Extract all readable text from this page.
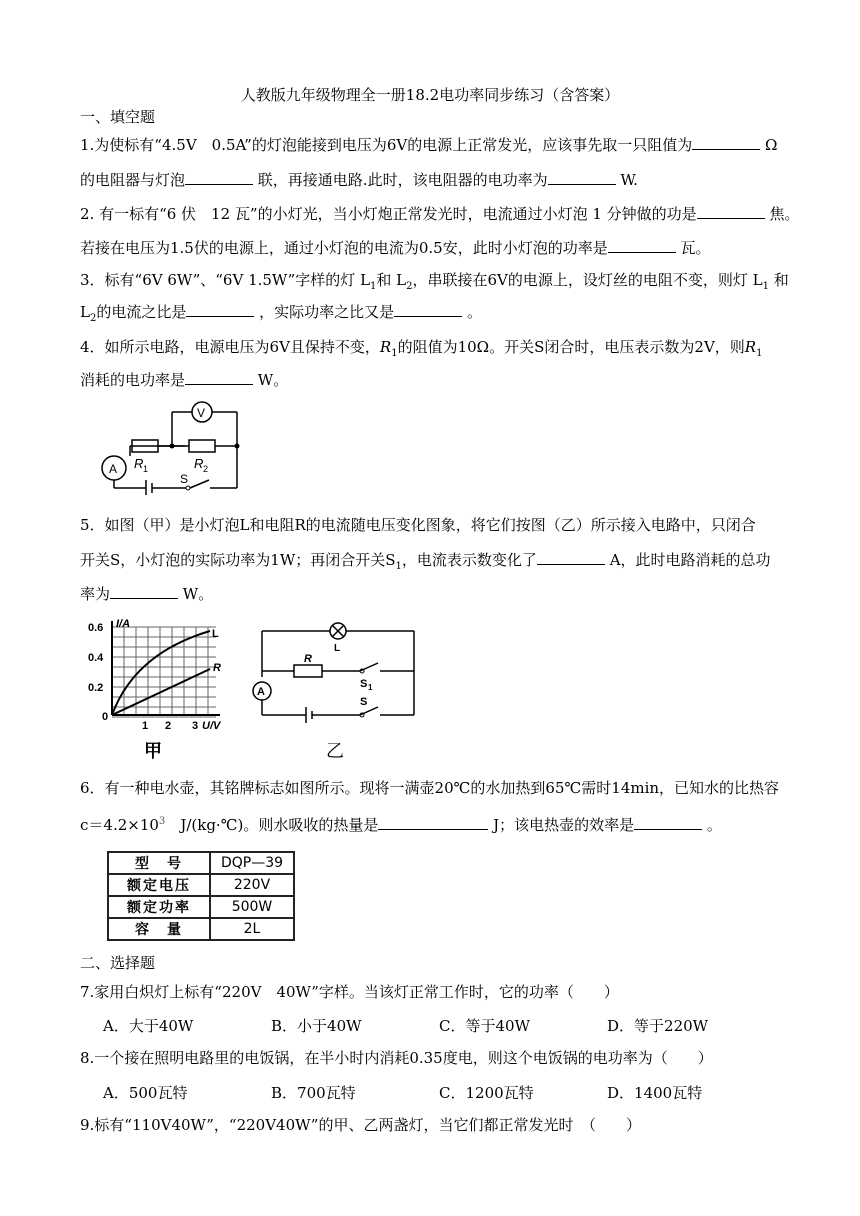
人教版九年级物理全一册18.2电功率同步练习（含答案）
一、填空题
1.为使标有“4.5V　0.5A”的灯泡能接到电压为6V的电源上正常发光，应该事先取一只阻值为	Ω
的电阻器与灯泡	联，再接通电路.此时，该电阻器的电功率为	W.
2. 有一标有“6 伏　12 瓦”的小灯光，当小灯炮正常发光时，电流通过小灯泡 1 分钟做的功是	焦。
若接在电压为1.5伏的电源上，通过小灯泡的电流为0.5安，此时小灯泡的功率是	瓦。
3．标有“6V 6W”、“6V 1.5W”字样的灯 $L_1$和 $L_2$，串联接在6V的电源上，设灯丝的电阻不变，则灯 $L_1$ 和
$L_2$的电流之比是	，实际功率之比又是	。
4．如所示电路，电源电压为6V且保持不变，$R_1$的阻值为10Ω。开关S闭合时，电压表示数为2V，则$R_1$
消耗的电功率是	W。
V
A R 1	R 2
S
5．如图（甲）是小灯泡L和电阻R的电流随电压变化图象，将它们按图（乙）所示接入电路中，只闭合
开关S，小灯泡的实际功率为1W；再闭合开关$S_1$，电流表示数变化了	A，此时电路消耗的总功
率为	W。
I/A
0.6
0.4
0.2
0
1 2 3 U/V
L
R
甲
A
L
R
S 1
S
乙
6．有一种电水壶，其铭牌标志如图所示。现将一满壶20℃的水加热到65℃需时14min，已知水的比热容
$c=4.2\times 10^3$　 J/(kg·℃)。则水吸收的热量是	J；该电热壶的效率是	。
型　号	DQP—39
额定电压	220V
额定功率	500W
容　量	2L
二、选择题
7.家用白炽灯上标有“220V　40W”字样。当该灯正常工作时，它的功率（　　）
A．大于40W	B．小于40W	C．等于40W	D．等于220W
8.一个接在照明电路里的电饭锅，在半小时内消耗0.35度电，则这个电饭锅的电功率为（　　）
A．500瓦特	B．700瓦特	C．1200瓦特	D．1400瓦特
9.标有“110V40W”，“220V40W”的甲、乙两盏灯，当它们都正常发光时　（　　）
